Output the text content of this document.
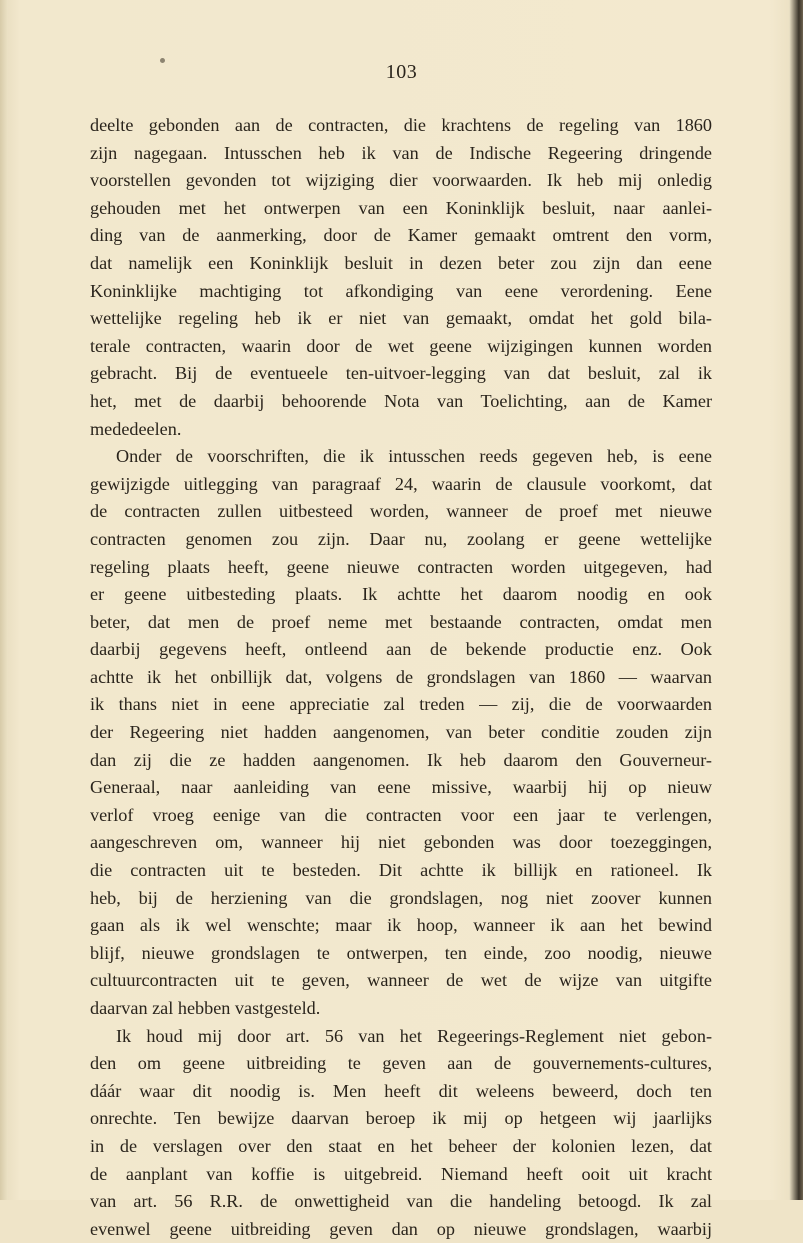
103
deelte gebonden aan de contracten, die krachtens de regeling van 1860
zijn nagegaan. Intusschen heb ik van de Indische Regeering dringende
voorstellen gevonden tot wijziging dier voorwaarden. Ik heb mij onledig
gehouden met het ontwerpen van een Koninklijk besluit, naar aanlei-
ding van de aanmerking, door de Kamer gemaakt omtrent den vorm,
dat namelijk een Koninklijk besluit in dezen beter zou zijn dan eene
Koninklijke machtiging tot afkondiging van eene verordening. Eene
wettelijke regeling heb ik er niet van gemaakt, omdat het gold bila-
terale contracten, waarin door de wet geene wijzigingen kunnen worden
gebracht. Bij de eventueele ten-uitvoer-legging van dat besluit, zal ik
het, met de daarbij behoorende Nota van Toelichting, aan de Kamer
mededeelen.
Onder de voorschriften, die ik intusschen reeds gegeven heb, is eene
gewijzigde uitlegging van paragraaf 24, waarin de clausule voorkomt, dat
de contracten zullen uitbesteed worden, wanneer de proef met nieuwe
contracten genomen zou zijn. Daar nu, zoolang er geene wettelijke
regeling plaats heeft, geene nieuwe contracten worden uitgegeven, had
er geene uitbesteding plaats. Ik achtte het daarom noodig en ook
beter, dat men de proef neme met bestaande contracten, omdat men
daarbij gegevens heeft, ontleend aan de bekende productie enz. Ook
achtte ik het onbillijk dat, volgens de grondslagen van 1860 — waarvan
ik thans niet in eene appreciatie zal treden — zij, die de voorwaarden
der Regeering niet hadden aangenomen, van beter conditie zouden zijn
dan zij die ze hadden aangenomen. Ik heb daarom den Gouverneur-
Generaal, naar aanleiding van eene missive, waarbij hij op nieuw
verlof vroeg eenige van die contracten voor een jaar te verlengen,
aangeschreven om, wanneer hij niet gebonden was door toezeggingen,
die contracten uit te besteden. Dit achtte ik billijk en rationeel. Ik
heb, bij de herziening van die grondslagen, nog niet zoover kunnen
gaan als ik wel wenschte; maar ik hoop, wanneer ik aan het bewind
blijf, nieuwe grondslagen te ontwerpen, ten einde, zoo noodig, nieuwe
cultuurcontracten uit te geven, wanneer de wet de wijze van uitgifte
daarvan zal hebben vastgesteld.
Ik houd mij door art. 56 van het Regeerings-Reglement niet gebon-
den om geene uitbreiding te geven aan de gouvernements-cultures,
dáár waar dit noodig is. Men heeft dit weleens beweerd, doch ten
onrechte. Ten bewijze daarvan beroep ik mij op hetgeen wij jaarlijks
in de verslagen over den staat en het beheer der kolonien lezen, dat
de aanplant van koffie is uitgebreid. Niemand heeft ooit uit kracht
van art. 56 R.R. de onwettigheid van die handeling betoogd. Ik zal
evenwel geene uitbreiding geven dan op nieuwe grondslagen, waarbij
